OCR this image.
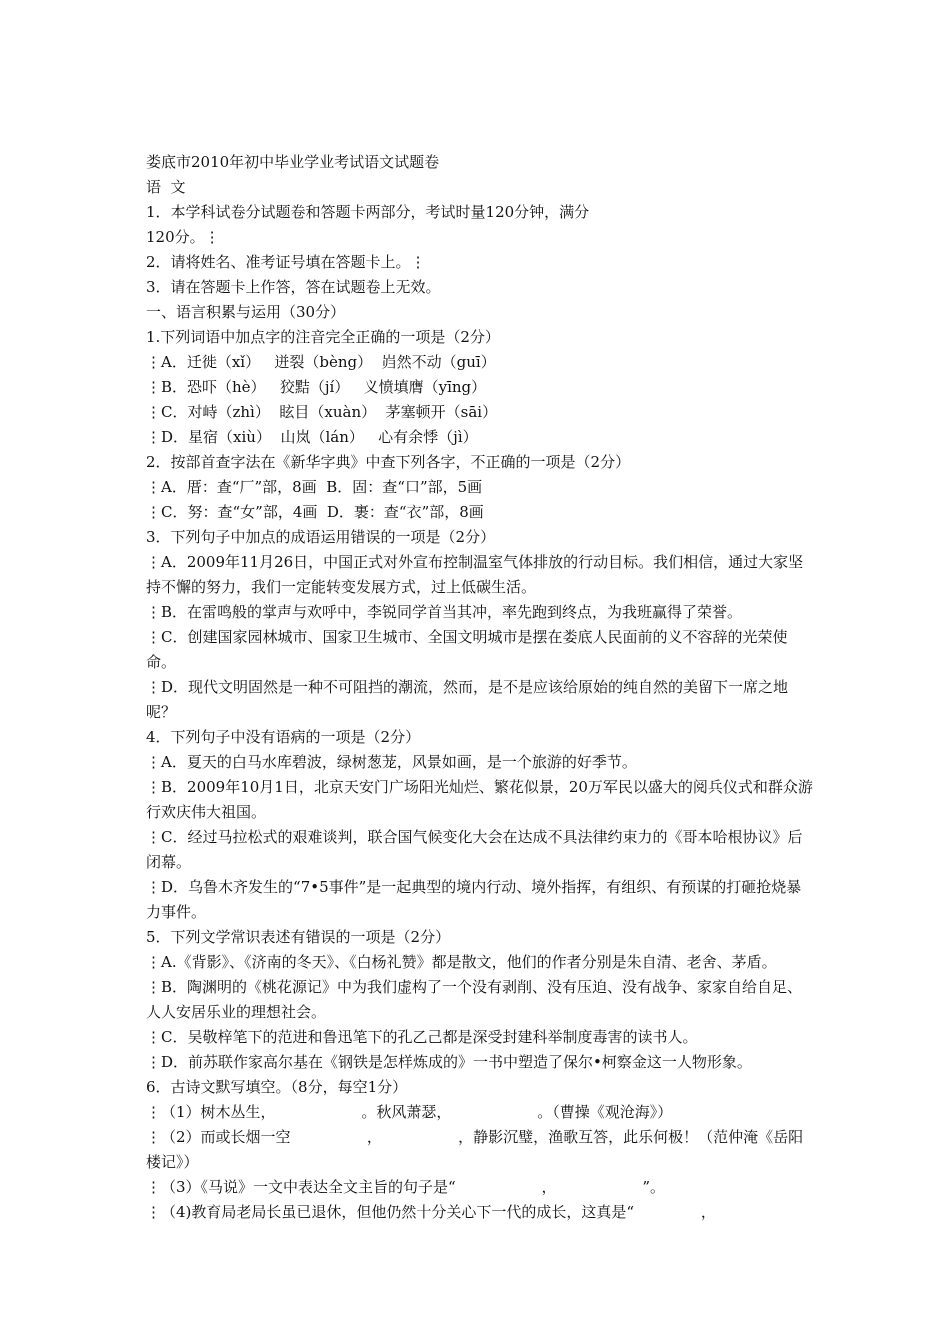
娄底市2010年初中毕业学业考试语文试题卷
语  文
1．本学科试卷分试题卷和答题卡两部分，考试时量120分钟，满分
120分。⋮
2．请将姓名、准考证号填在答题卡上。⋮
3．请在答题卡上作答，答在试题卷上无效。
一、语言积累与运用（30分）
1.下列词语中加点字的注音完全正确的一项是（2分）
⋮A．迁徙（xǐ）   迸裂（bèng）  岿然不动（guī）
⋮B．恐吓（hè）   狡黠（jí）   义愤填膺（yīng）
⋮C．对峙（zhì）  眩目（xuàn）  茅塞顿开（sāi）
⋮D．星宿（xiù）  山岚（lán）   心有余悸（jì）
2．按部首查字法在《新华字典》中查下列各字，不正确的一项是（2分）
⋮A．厝：查“厂”部，8画  B．固：查“口”部，5画
⋮C．努：查“女”部，4画  D．裹：查“衣”部，8画
3．下列句子中加点的成语运用错误的一项是（2分）
⋮A．2009年11月26日，中国正式对外宣布控制温室气体排放的行动目标。我们相信，通过大家坚持不懈的努力，我们一定能转变发展方式，过上低碳生活。
⋮B．在雷鸣般的掌声与欢呼中，李锐同学首当其冲，率先跑到终点，为我班赢得了荣誉。
⋮C．创建国家园林城市、国家卫生城市、全国文明城市是摆在娄底人民面前的义不容辞的光荣使命。
⋮D．现代文明固然是一种不可阻挡的潮流，然而，是不是应该给原始的纯自然的美留下一席之地呢？
4．下列句子中没有语病的一项是（2分）
⋮A．夏天的白马水库碧波，绿树葱茏，风景如画，是一个旅游的好季节。
⋮B．2009年10月1日，北京天安门广场阳光灿烂、繁花似景，20万军民以盛大的阅兵仪式和群众游行欢庆伟大祖国。
⋮C．经过马拉松式的艰难谈判，联合国气候变化大会在达成不具法律约束力的《哥本哈根协议》后闭幕。
⋮D．乌鲁木齐发生的“7•5事件”是一起典型的境内行动、境外指挥，有组织、有预谋的打砸抢烧暴力事件。
5．下列文学常识表述有错误的一项是（2分）
⋮A.《背影》、《济南的冬天》、《白杨礼赞》都是散文，他们的作者分别是朱自清、老舍、茅盾。
⋮B．陶渊明的《桃花源记》中为我们虚构了一个没有剥削、没有压迫、没有战争、家家自给自足、人人安居乐业的理想社会。
⋮C．吴敬梓笔下的范进和鲁迅笔下的孔乙己都是深受封建科举制度毒害的读书人。
⋮D．前苏联作家高尔基在《钢铁是怎样炼成的》一书中塑造了保尔•柯察金这一人物形象。
6．古诗文默写填空。（8分，每空1分）
⋮（1）树木丛生，                  。秋风萧瑟，                  。（曹操《观沧海》）
⋮（2）而或长烟一空                ，                ，静影沉璧，渔歌互答，此乐何极！（范仲淹《岳阳楼记》）
⋮（3）《马说》一文中表达全文主旨的句子是“                  ，                  ”。
⋮（4)教育局老局长虽已退休，但他仍然十分关心下一代的成长，这真是“              ，
